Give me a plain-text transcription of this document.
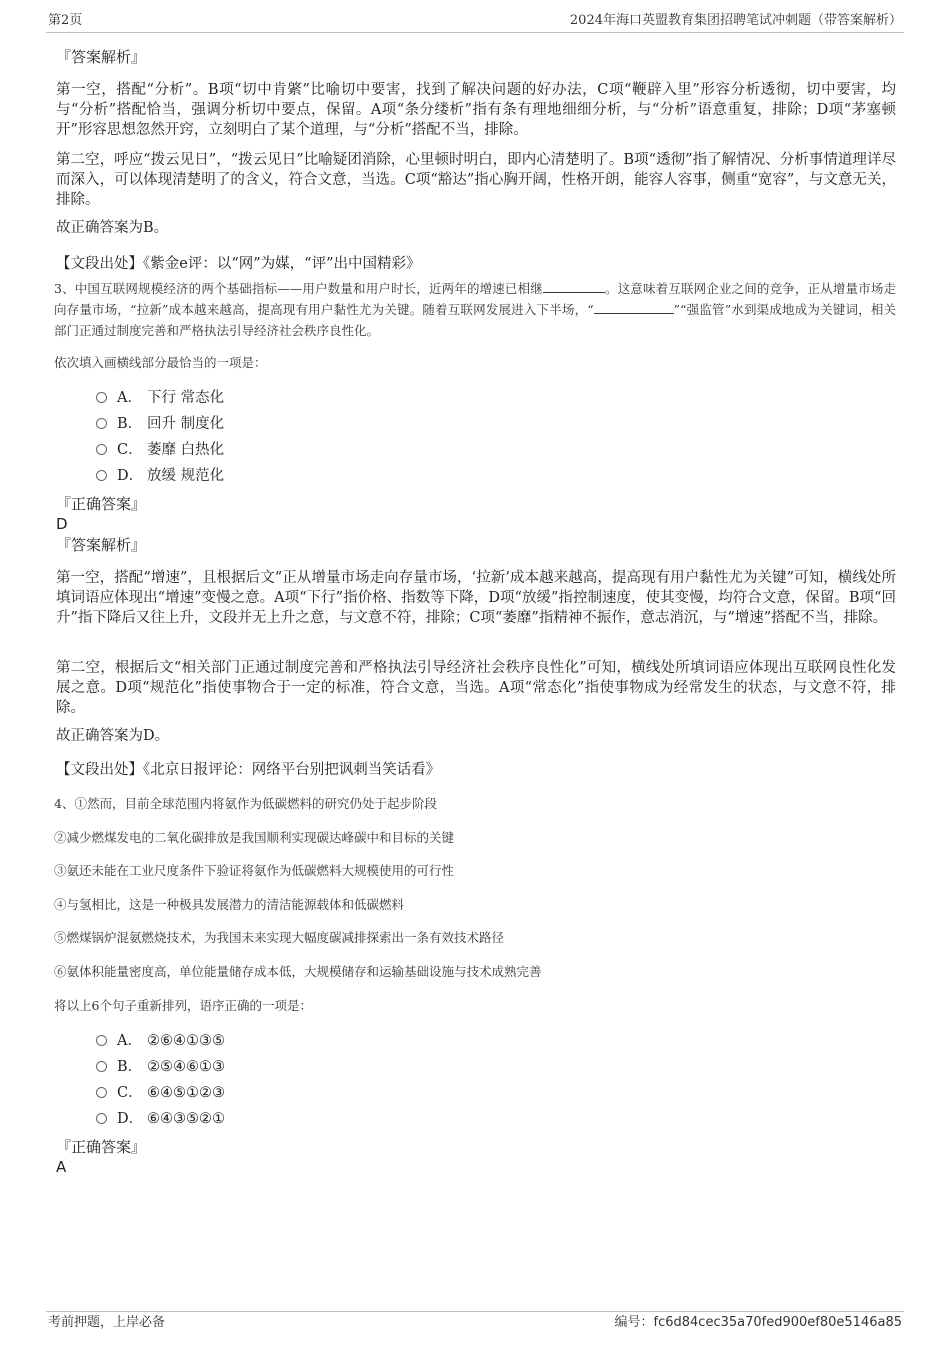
第2页	2024年海口英盟教育集团招聘笔试冲刺题（带答案解析）
『答案解析』
第一空，搭配“分析”。B项“切中肯綮”比喻切中要害，找到了解决问题的好办法，C项“鞭辟入里”形容分析透彻，切中要害，均与“分析”搭配恰当，强调分析切中要点，保留。A项“条分缕析”指有条有理地细细分析，与“分析”语意重复，排除；D项“茅塞顿开”形容思想忽然开窍，立刻明白了某个道理，与“分析”搭配不当，排除。
第二空，呼应“拨云见日”，“拨云见日”比喻疑团消除，心里顿时明白，即内心清楚明了。B项“透彻”指了解情况、分析事情道理详尽而深入，可以体现清楚明了的含义，符合文意，当选。C项“豁达”指心胸开阔，性格开朗，能容人容事，侧重“宽容”，与文意无关，排除。
故正确答案为B。
【文段出处】《紫金e评：以“网”为媒，“评”出中国精彩》
3、中国互联网规模经济的两个基础指标——用户数量和用户时长，近两年的增速已相继	。这意味着互联网企业之间的竞争，正从增量市场走向存量市场，“拉新”成本越来越高，提高现有用户黏性尤为关键。随着互联网发展进入下半场，“	”“强监管”水到渠成地成为关键词，相关部门正通过制度完善和严格执法引导经济社会秩序良性化。
依次填入画横线部分最恰当的一项是：
A． 下行 常态化
B． 回升 制度化
C． 萎靡 白热化
D． 放缓 规范化
『正确答案』
D
『答案解析』
第一空，搭配“增速”，且根据后文“正从增量市场走向存量市场，‘拉新’成本越来越高，提高现有用户黏性尤为关键”可知，横线处所填词语应体现出“增速”变慢之意。A项“下行”指价格、指数等下降，D项“放缓”指控制速度，使其变慢，均符合文意，保留。B项“回升”指下降后又往上升，文段并无上升之意，与文意不符，排除；C项“萎靡”指精神不振作，意志消沉，与“增速”搭配不当，排除。
第二空，根据后文“相关部门正通过制度完善和严格执法引导经济社会秩序良性化”可知，横线处所填词语应体现出互联网良性化发展之意。D项“规范化”指使事物合于一定的标准，符合文意，当选。A项“常态化”指使事物成为经常发生的状态，与文意不符，排除。
故正确答案为D。
【文段出处】《北京日报评论：网络平台别把讽刺当笑话看》
4、①然而，目前全球范围内将氨作为低碳燃料的研究仍处于起步阶段
②减少燃煤发电的二氧化碳排放是我国顺利实现碳达峰碳中和目标的关键
③氨还未能在工业尺度条件下验证将氨作为低碳燃料大规模使用的可行性
④与氢相比，这是一种极具发展潜力的清洁能源载体和低碳燃料
⑤燃煤锅炉混氨燃烧技术，为我国未来实现大幅度碳减排探索出一条有效技术路径
⑥氨体积能量密度高，单位能量储存成本低，大规模储存和运输基础设施与技术成熟完善
将以上6个句子重新排列，语序正确的一项是：
A． ②⑥④①③⑤
B． ②⑤④⑥①③
C． ⑥④⑤①②③
D． ⑥④③⑤②①
『正确答案』
A
考前押题，上岸必备	编号：fc6d84cec35a70fed900ef80e5146a85
